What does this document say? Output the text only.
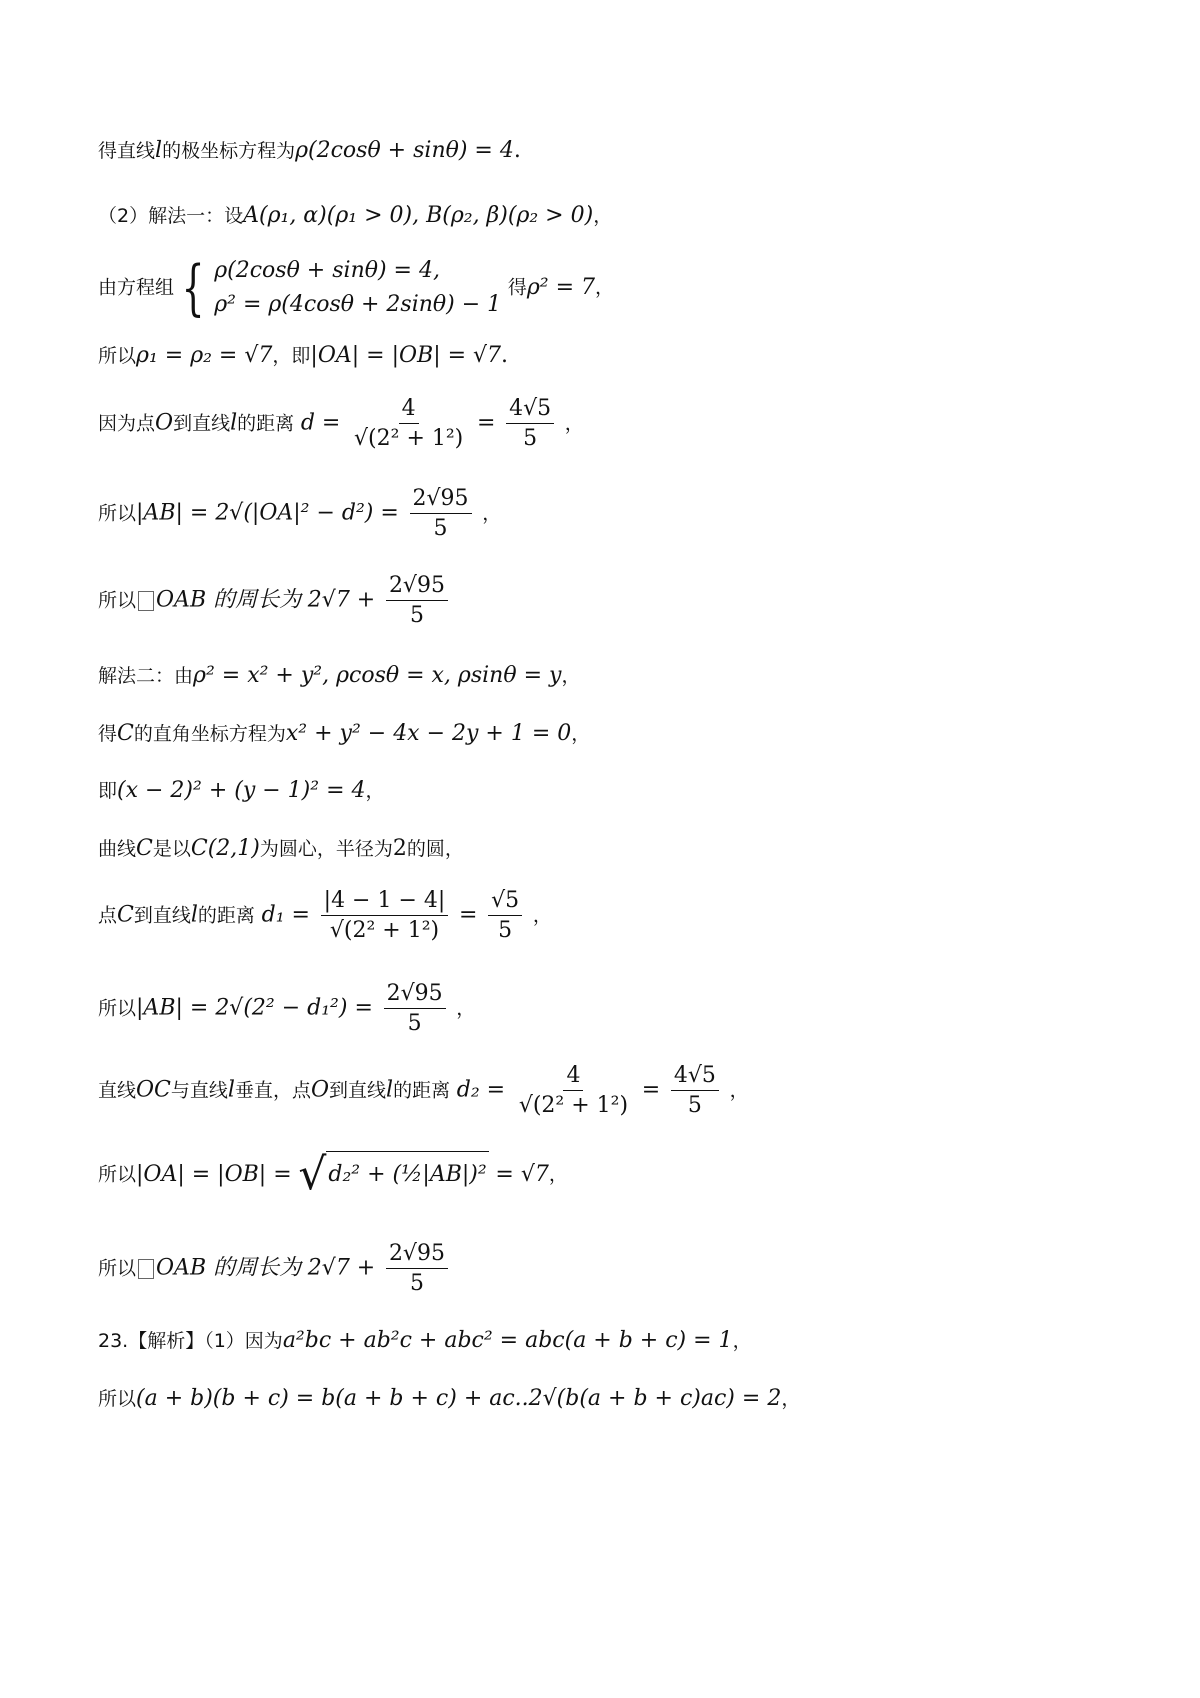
得直线l的极坐标方程为ρ(2cosθ + sinθ) = 4.
（2）解法一：设A(ρ₁, α)(ρ₁ > 0), B(ρ₂, β)(ρ₂ > 0)，
由方程组 { ρ(2cosθ + sinθ) = 4,
ρ² = ρ(4cosθ + 2sinθ) − 1
得ρ² = 7，
所以ρ₁ = ρ₂ = √7，即|OA| = |OB| = √7.
因为点O到直线l的距离 $d = \frac{4}{\text{√(2² + 1²)}} = \frac{4√5}{5}$ ，
所以$|AB| = 2√(|OA|^2 - d^2) = \frac{2√95}{5}$ ，
所以 OAB 的周长为 $2√7 + \frac{2√95}{5}$
解法二：由ρ² = x² + y², ρcosθ = x, ρsinθ = y，
得C的直角坐标方程为x² + y² − 4x − 2y + 1 = 0，
即(x − 2)² + (y − 1)² = 4，
曲线C是以C(2,1)为圆心，半径为2的圆，
点C到直线l的距离 $d_1 = \frac{|4 - 1 - 4|}{\text{√(2² + 1²)}} = \frac{√5}{5}$ ，
所以$|AB| = 2√(2^2 - d_1^2) = \frac{2√95}{5}$ ，
直线OC与直线l垂直，点O到直线l的距离 $d_2 = \frac{4}{\text{√(2² + 1²)}} = \frac{4√5}{5}$ ，
所以|OA| = |OB| = √d₂² + (½|AB|)² = √7，
所以 OAB 的周长为 $2√7 + \frac{2√95}{5}$
23.【解析】（1）因为a²bc + ab²c + abc² = abc(a + b + c) = 1，
所以(a + b)(b + c) = b(a + b + c) + ac..2√(b(a + b + c)ac) = 2，
